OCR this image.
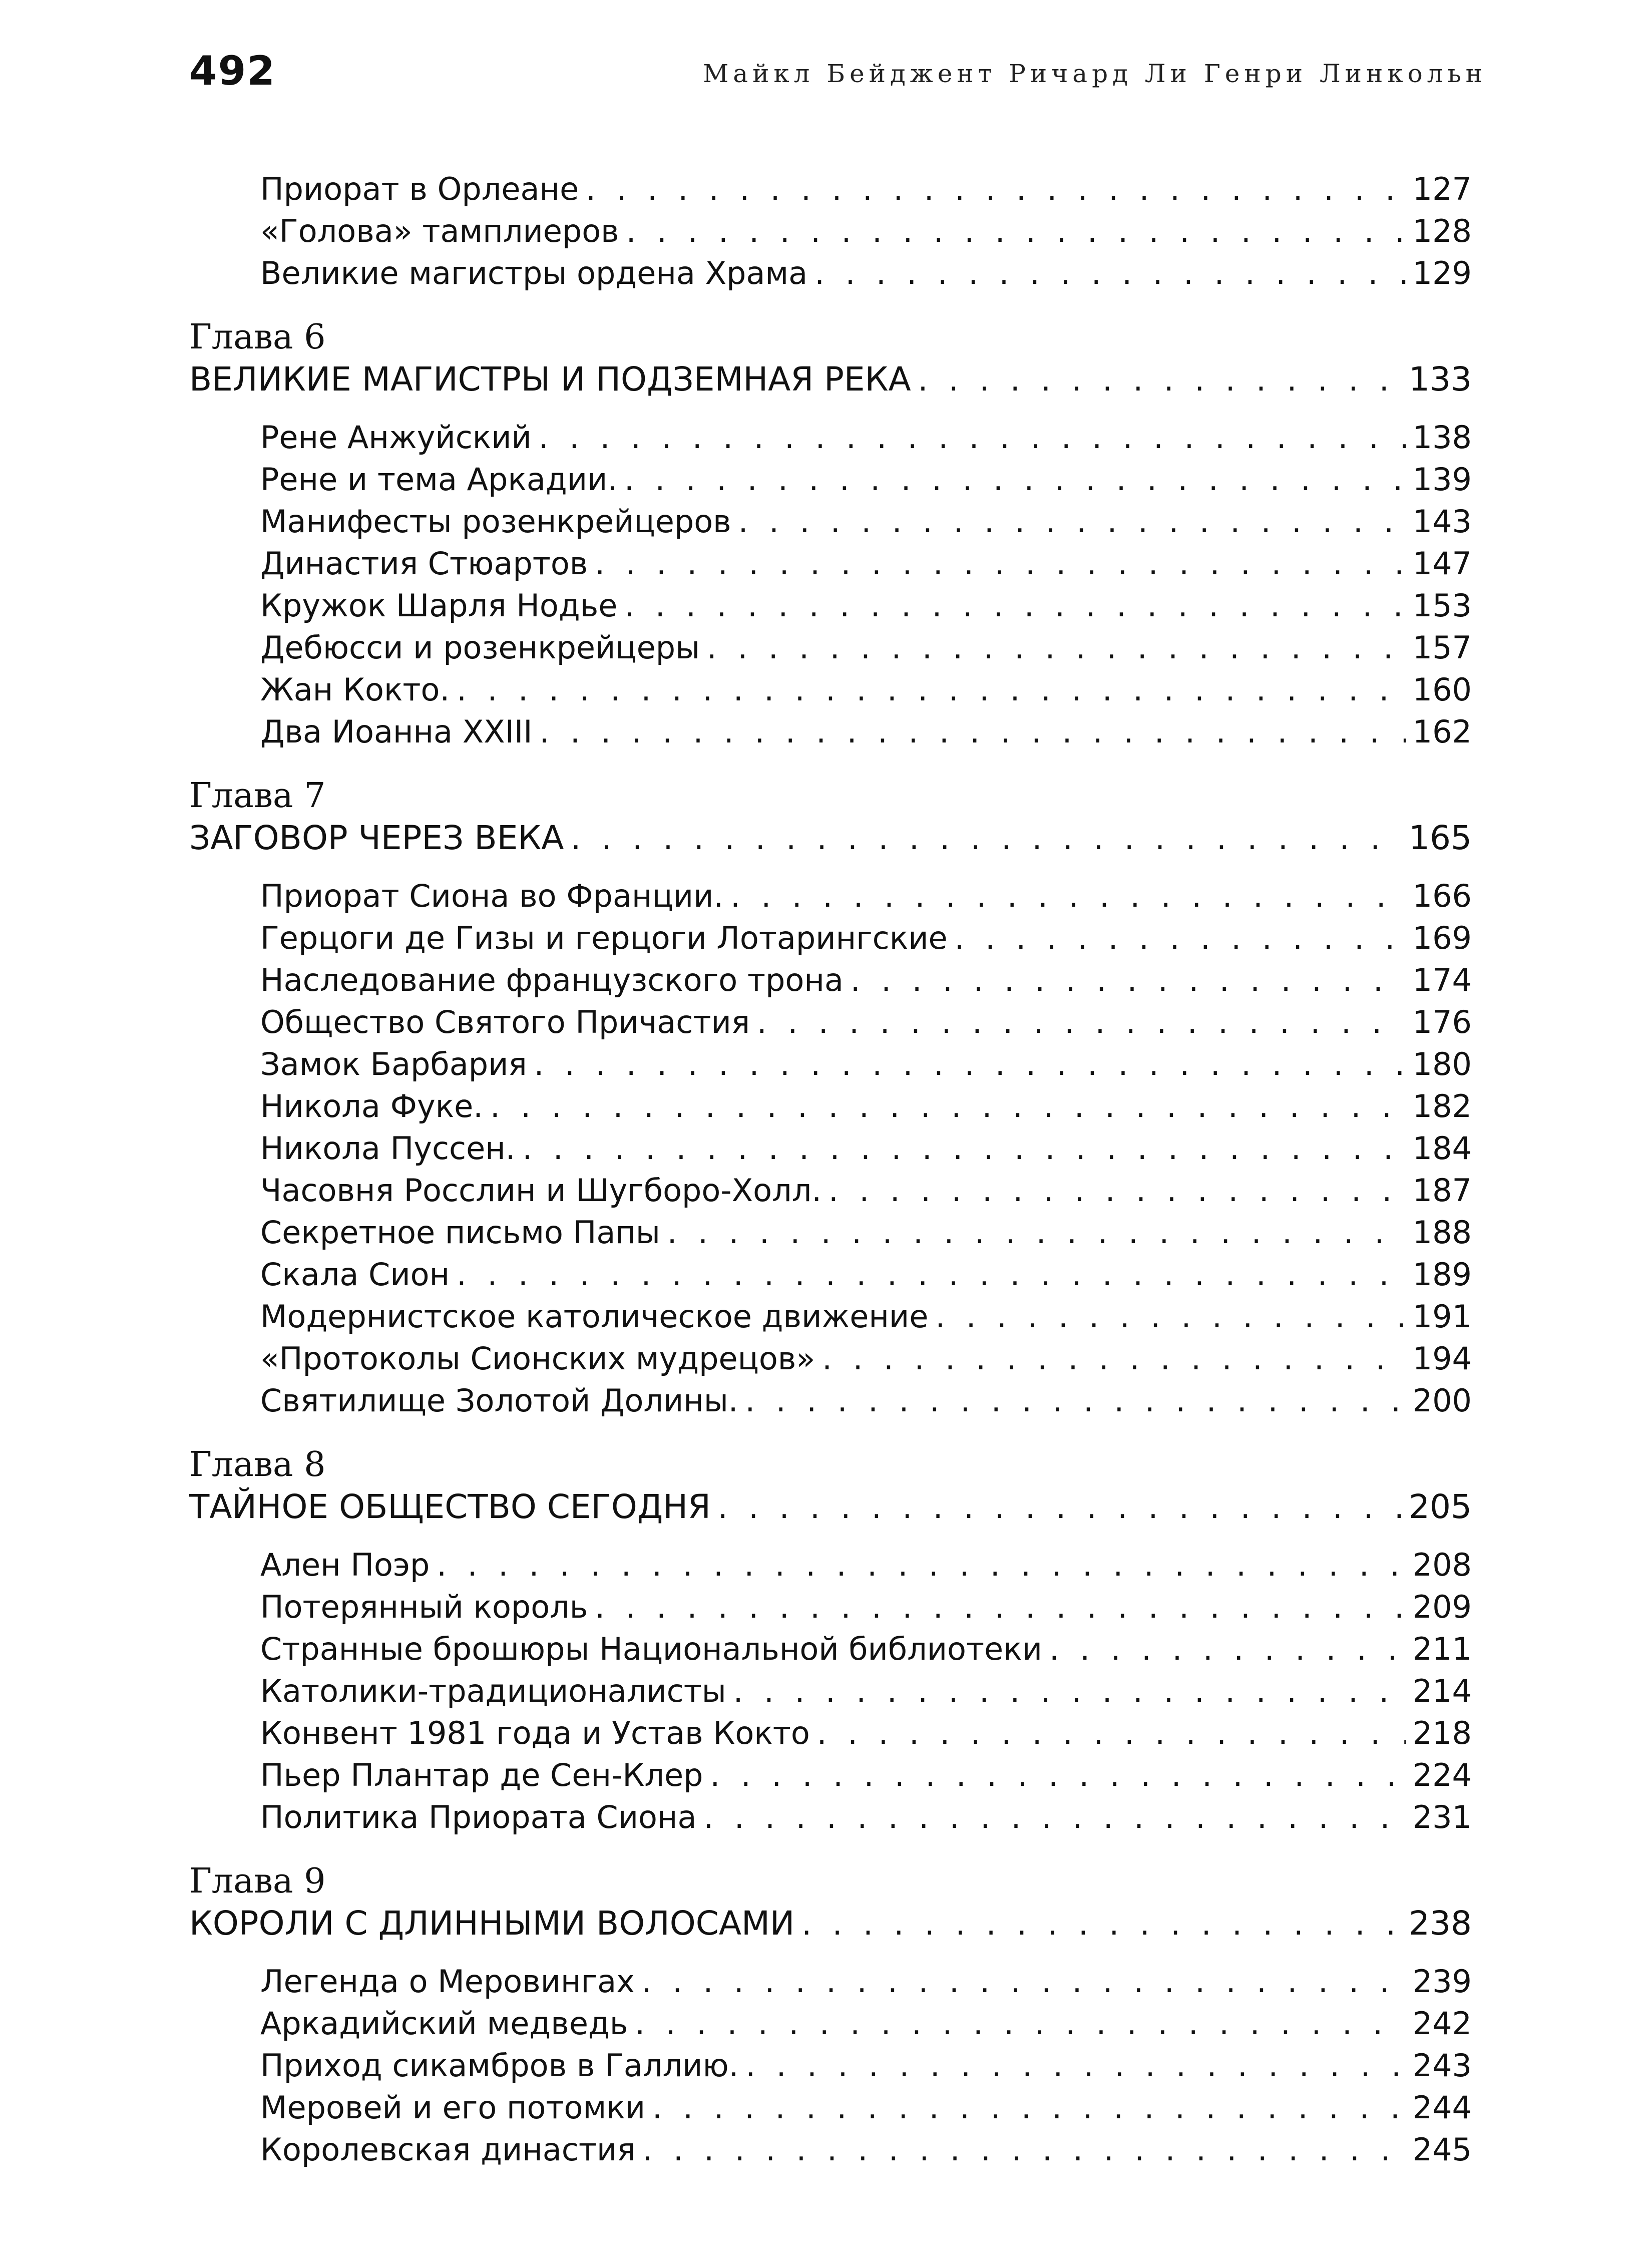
492	Майкл Бейджент Ричард Ли Генри Линкольн
Приорат в Орлеане . . .	127
«Голова» тамплиеров . . .	128
Великие магистры ордена Храма . . .	129
Глава 6
ВЕЛИКИЕ МАГИСТРЫ И ПОДЗЕМНАЯ РЕКА . . .	133
Рене Анжуйский . . .	138
Рене и тема Аркадии. . . .	139
Манифесты розенкрейцеров . . .	143
Династия Стюартов . . .	147
Кружок Шарля Нодье . . .	153
Дебюсси и розенкрейцеры . . .	157
Жан Кокто. . . .	160
Два Иоанна XXIII . . .	162
Глава 7
ЗАГОВОР ЧЕРЕЗ ВЕКА . . .	165
Приорат Сиона во Франции. . . .	166
Герцоги де Гизы и герцоги Лотарингские . . .	169
Наследование французского трона . . .	174
Общество Святого Причастия . . .	176
Замок Барбария . . .	180
Никола Фуке. . . .	182
Никола Пуссен. . . .	184
Часовня Росслин и Шугборо-Холл. . . .	187
Секретное письмо Папы . . .	188
Скала Сион . . .	189
Модернистское католическое движение . . .	191
«Протоколы Сионских мудрецов» . . .	194
Святилище Золотой Долины. . . .	200
Глава 8
ТАЙНОЕ ОБЩЕСТВО СЕГОДНЯ . . .	205
Ален Поэр . . .	208
Потерянный король . . .	209
Странные брошюры Национальной библиотеки . . .	211
Католики-традиционалисты . . .	214
Конвент 1981 года и Устав Кокто . . .	218
Пьер Плантар де Сен-Клер . . .	224
Политика Приората Сиона . . .	231
Глава 9
КОРОЛИ С ДЛИННЫМИ ВОЛОСАМИ . . .	238
Легенда о Меровингах . . .	239
Аркадийский медведь . . .	242
Приход сикамбров в Галлию. . . .	243
Меровей и его потомки . . .	244
Королевская династия . . .	245
